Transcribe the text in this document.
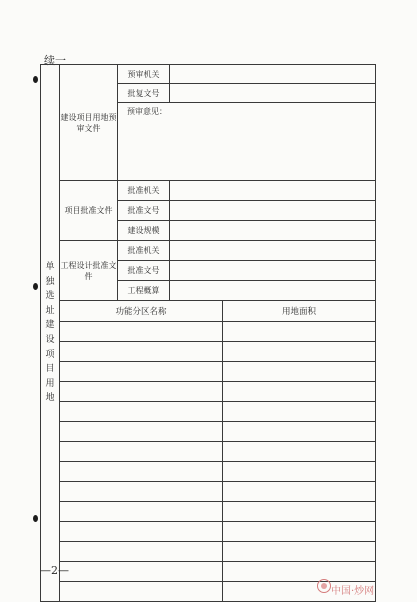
续一
单独选址建设项目用地	建设项目用地预审文件	预审机关		
		批复文号		
		预审意见：		
	项目批准文件	批准机关		
		批准文号		
		建设规模		
	工程设计批准文件	批准机关		
		批准文号		
		工程概算		
	功能分区名称			用地面积

—2—
中国·炒网
